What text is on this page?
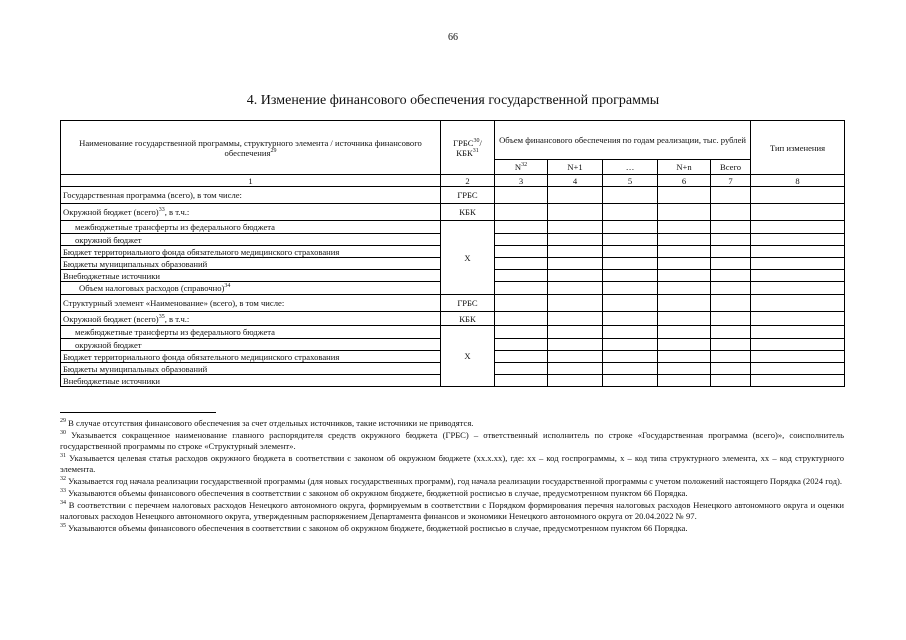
66
4. Изменение финансового обеспечения государственной программы
Наименование государственной программы, структурного элемента / источника финансового обеспечения$^{29}$	ГРБС$^{30}$/ КБК$^{31}$	Объем финансового обеспечения по годам реализации, тыс. рублей					Тип изменения
		$N^{32}$	N+1	…	N+n	Всего	
1	2	3	4	5	6	7	8
Государственная программа (всего), в том числе:	ГРБС						
Окружной бюджет (всего)$^{33}$, в т.ч.:	КБК						
межбюджетные трансферты из федерального бюджета	Х						
окружной бюджет							
Бюджет территориального фонда обязательного медицинского страхования							
Бюджеты муниципальных образований							
Внебюджетные источники							
Объем налоговых расходов (справочно)$^{34}$						
Структурный элемент «Наименование» (всего), в том числе:	ГРБС						
Окружной бюджет (всего)$^{35}$, в т.ч.:	КБК						
межбюджетные трансферты из федерального бюджета	Х						
окружной бюджет							
Бюджет территориального фонда обязательного медицинского страхования							
Бюджеты муниципальных образований							
Внебюджетные источники							

$^{29}$ В случае отсутствия финансового обеспечения за счет отдельных источников, такие источники не приводятся.

$^{30}$ Указывается сокращенное наименование главного распорядителя средств окружного бюджета (ГРБС) – ответственный исполнитель по строке «Государственная программа (всего)», соисполнитель государственной программы по строке «Структурный элемент».

$^{31}$ Указывается целевая статья расходов окружного бюджета в соответствии с законом об окружном бюджете (хх.х.хх), где: хх – код госпрограммы, х – код типа структурного элемента, хх – код структурного элемента.

$^{32}$ Указывается год начала реализации государственной программы (для новых государственных программ), год начала реализации государственной программы с учетом положений настоящего Порядка (2024 год).

$^{33}$ Указываются объемы финансового обеспечения в соответствии с законом об окружном бюджете, бюджетной росписью в случае, предусмотренном пунктом 66 Порядка.

$^{34}$ В соответствии с перечнем налоговых расходов Ненецкого автономного округа, формируемым в соответствии с Порядком формирования перечня налоговых расходов Ненецкого автономного округа и оценки налоговых расходов Ненецкого автономного округа, утвержденным распоряжением Департамента финансов и экономики Ненецкого автономного округа от 20.04.2022 № 97.

$^{35}$ Указываются объемы финансового обеспечения в соответствии с законом об окружном бюджете, бюджетной росписью в случае, предусмотренном пунктом 66 Порядка.
